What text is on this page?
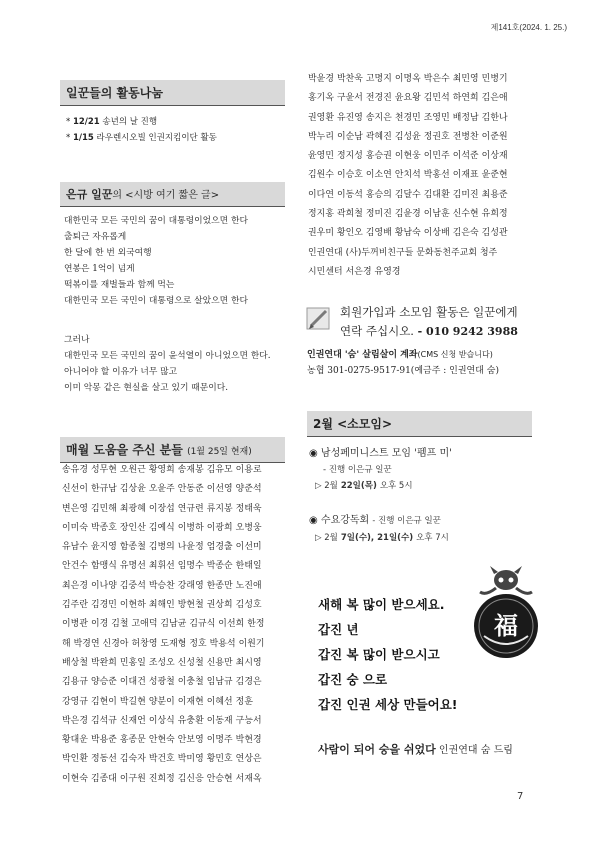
제141호(2024. 1. 25.)
일꾼들의 활동나눔
* 12/21 송년의 날 진행
* 1/15 라우렌시오빌 인권지킴이단 활동
은규 일꾼의 <시방 여기 짧은 글>
대한민국 모든 국민의 꿈이 대통령이었으면 한다
출퇴근 자유롭게
한 달에 한 번 외국여행
연봉은 1억이 넘게
떡볶이를 재벌들과 함께 먹는
대한민국 모든 국민이 대통령으로 살았으면 한다
그러나
대한민국 모든 국민의 꿈이 윤석열이 아니었으면 한다.
아니어야 할 이유가 너무 많고
이미 악몽 같은 현실을 살고 있기 때문이다.
매월 도움을 주신 분들 (1월 25일 현재)
송유경 성무현 오원근 황영희 송재봉 김유모 이용로
신선이 한규남 김상윤 오윤주 안동준 이선영 양준석
변은영 김민해 최광혜 이장섭 연규련 류지봉 정태욱
이미숙 박종호 장인산 김예식 이병하 이광희 오병웅
유남수 윤지영 함종철 김병의 나윤정 엄경출 이선미
안건수 함맹식 유명선 최휘선 임명수 박종순 한태일
최은경 이나양 김중석 박승찬 강래영 한종만 노진애
김주란 김경민 이현하 최해인 방현철 권상희 김성호
이병관 이경 김철 고애덕 김남균 김규식 이선희 한정
해 박경연 신경아 허창영 도재형 정호 박용석 이원기
배상철 박완희 민홍일 조성오 신성철 신용만 최시영
김용규 양승준 이대건 성광철 이충철 임남규 김경은
강영규 김현이 박길현 양분이 이재현 이혜선 정훈
박은경 김석규 신재언 이상식 유충환 이동재 구능서
황대운 박용준 홍종문 안현숙 안보영 이명주 박현경
박인환 정동선 김숙자 박건호 박미영 황민호 연상은
이현숙 김종대 이구원 진희정 김신응 안승현 서재옥
박윤경 박찬욱 고명지 이명옥 박은수 최민영 민병기
홍기옥 구윤서 전경진 윤요왕 김민석 하연희 김은애
권영환 유진영 송지은 천경민 조영민 배정남 김한나
박누리 이순남 곽혜진 김성윤 정권호 전병찬 이준원
윤영민 정지성 홍승권 이현웅 이민주 이석준 이상재
김원수 이승호 이소연 안치석 박홍선 이재표 윤준현
이다연 이동석 홍승의 김달수 김대환 김미진 최용준
정지홍 곽희철 정미진 김윤경 이남훈 신수현 유희정
권우미 황인오 김영배 황남숙 이상배 김은숙 김성관
인권연대 (사)두꺼비친구들 문화동천주교회 청주
시민센터 서은경 유영경
회원가입과 소모임 활동은 일꾼에게
연락 주십시오. - 010 9242 3988
인권연대 '숨' 살림살이 계좌(CMS 신청 받습니다)
농협 301-0275-9517-91(예금주 : 인권연대 숨)
2월 <소모임>
◉ 남성페미니스트 모임 '펨프 미'
- 진행 이은규 일꾼
▷ 2월 22일(목) 오후 5시
◉ 수요강독회 - 진행 이은규 일꾼
▷ 2월 7일(수), 21일(수) 오후 7시
새해 복 많이 받으세요.
갑진 년
갑진 복 많이 받으시고
갑진 숭 으로
갑진 인권 세상 만들어요!
福
사람이 되어 숭을 쉬었다 인권연대 숨 드림
7
